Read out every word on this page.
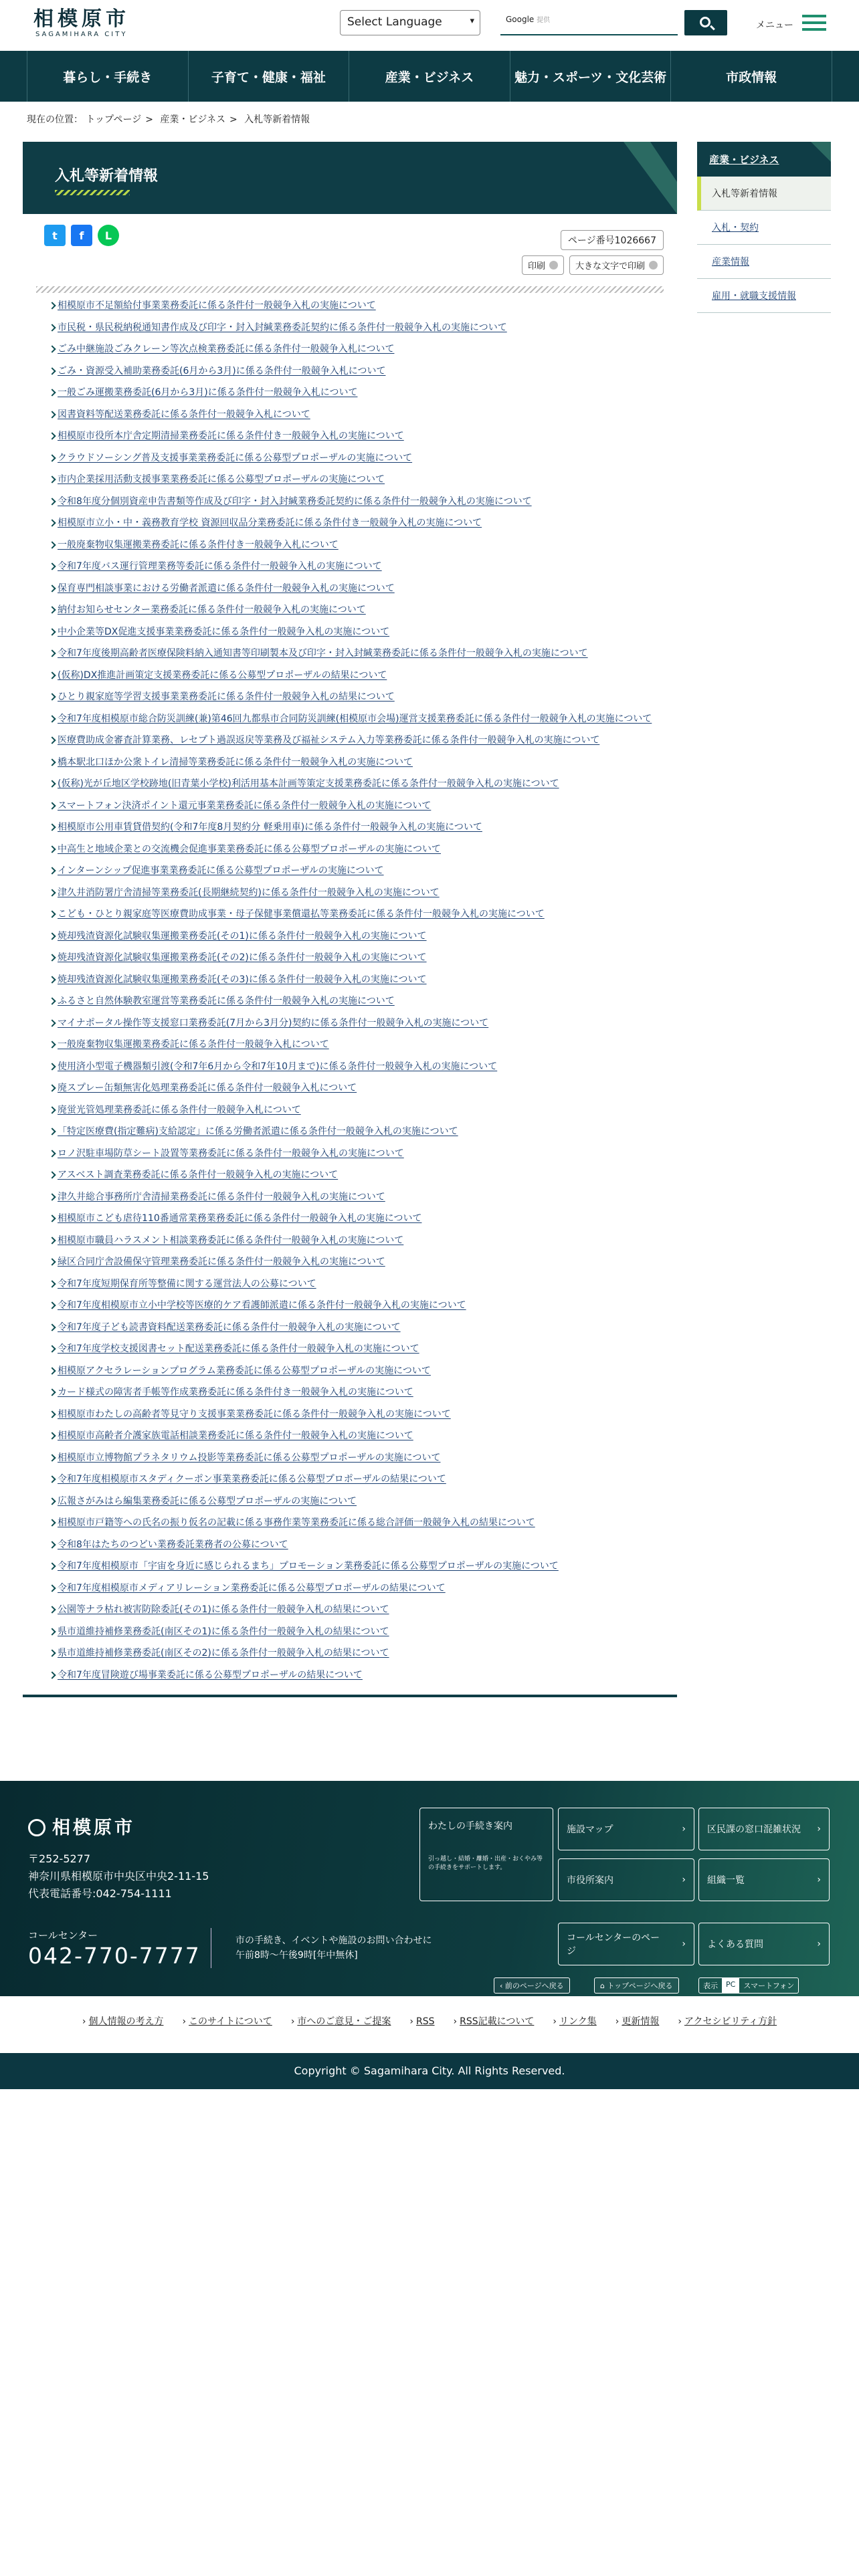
相模原市
SAGAMIHARA CITY
Select Language	▾	Google 提供	メニュー
暮らし・手続き	子育て・健康・福祉	産業・ビジネス	魅力・スポーツ・文化芸術	市政情報
現在の位置： トップページ > 産業・ビジネス > 入札等新着情報
入札等新着情報
t	f	L	ページ番号1026667
印刷	大きな文字で印刷
相模原市不足額給付事業業務委託に係る条件付一般競争入札の実施について
市民税・県民税納税通知書作成及び印字・封入封緘業務委託契約に係る条件付一般競争入札の実施について
ごみ中継施設ごみクレーン等次点検業務委託に係る条件付一般競争入札について
ごみ・資源受入補助業務委託(6月から3月)に係る条件付一般競争入札について
一般ごみ運搬業務委託(6月から3月)に係る条件付一般競争入札について
図書資料等配送業務委託に係る条件付一般競争入札について
相模原市役所本庁舎定期清掃業務委託に係る条件付き一般競争入札の実施について
クラウドソーシング普及支援事業業務委託に係る公募型プロポーザルの実施について
市内企業採用活動支援事業業務委託に係る公募型プロポーザルの実施について
令和8年度分個別資産申告書類等作成及び印字・封入封緘業務委託契約に係る条件付一般競争入札の実施について
相模原市立小・中・義務教育学校 資源回収品分業務委託に係る条件付き一般競争入札の実施について
一般廃棄物収集運搬業務委託に係る条件付き一般競争入札について
令和7年度バス運行管理業務等委託に係る条件付一般競争入札の実施について
保育専門相談事業における労働者派遣に係る条件付一般競争入札の実施について
納付お知らせセンター業務委託に係る条件付一般競争入札の実施について
中小企業等DX促進支援事業業務委託に係る条件付一般競争入札の実施について
令和7年度後期高齢者医療保険料納入通知書等印刷製本及び印字・封入封緘業務委託に係る条件付一般競争入札の実施について
(仮称)DX推進計画策定支援業務委託に係る公募型プロポーザルの結果について
ひとり親家庭等学習支援事業業務委託に係る条件付一般競争入札の結果について
令和7年度相模原市総合防災訓練(兼)第46回九都県市合同防災訓練(相模原市会場)運営支援業務委託に係る条件付一般競争入札の実施について
医療費助成金審査計算業務、レセプト過誤返戻等業務及び福祉システム入力等業務委託に係る条件付一般競争入札の実施について
橋本駅北口ほか公衆トイレ清掃等業務委託に係る条件付一般競争入札の実施について
(仮称)光が丘地区学校跡地(旧青葉小学校)利活用基本計画等策定支援業務委託に係る条件付一般競争入札の実施について
スマートフォン決済ポイント還元事業業務委託に係る条件付一般競争入札の実施について
相模原市公用車賃貸借契約(令和7年度8月契約分 軽乗用車)に係る条件付一般競争入札の実施について
中高生と地域企業との交流機会促進事業業務委託に係る公募型プロポーザルの実施について
インターンシップ促進事業業務委託に係る公募型プロポーザルの実施について
津久井消防署庁舎清掃等業務委託(長期継続契約)に係る条件付一般競争入札の実施について
こども・ひとり親家庭等医療費助成事業・母子保健事業償還払等業務委託に係る条件付一般競争入札の実施について
焼却残渣資源化試験収集運搬業務委託(その1)に係る条件付一般競争入札の実施について
焼却残渣資源化試験収集運搬業務委託(その2)に係る条件付一般競争入札の実施について
焼却残渣資源化試験収集運搬業務委託(その3)に係る条件付一般競争入札の実施について
ふるさと自然体験教室運営等業務委託に係る条件付一般競争入札の実施について
マイナポータル操作等支援窓口業務委託(7月から3月分)契約に係る条件付一般競争入札の実施について
一般廃棄物収集運搬業務委託に係る条件付一般競争入札について
使用済小型電子機器類引渡(令和7年6月から令和7年10月まで)に係る条件付一般競争入札の実施について
廃スプレー缶類無害化処理業務委託に係る条件付一般競争入札について
廃蛍光管処理業務委託に係る条件付一般競争入札について
「特定医療費(指定難病)支給認定」に係る労働者派遣に係る条件付一般競争入札の実施について
ロノ沢駐車場防草シート設置等業務委託に係る条件付一般競争入札の実施について
アスベスト調査業務委託に係る条件付一般競争入札の実施について
津久井総合事務所庁舎清掃業務委託に係る条件付一般競争入札の実施について
相模原市こども虐待110番通常業務業務委託に係る条件付一般競争入札の実施について
相模原市職員ハラスメント相談業務委託に係る条件付一般競争入札の実施について
緑区合同庁舎設備保守管理業務委託に係る条件付一般競争入札の実施について
令和7年度短期保育所等整備に関する運営法人の公募について
令和7年度相模原市立小中学校等医療的ケア看護師派遣に係る条件付一般競争入札の実施について
令和7年度子ども読書資料配送業務委託に係る条件付一般競争入札の実施について
令和7年度学校支援図書セット配送業務委託に係る条件付一般競争入札の実施について
相模原アクセラレーションプログラム業務委託に係る公募型プロポーザルの実施について
カード様式の障害者手帳等作成業務委託に係る条件付き一般競争入札の実施について
相模原市わたしの高齢者等見守り支援事業業務委託に係る条件付一般競争入札の実施について
相模原市高齢者介護家族電話相談業務委託に係る条件付一般競争入札の実施について
相模原市立博物館プラネタリウム投影等業務委託に係る公募型プロポーザルの実施について
令和7年度相模原市スタディクーポン事業業務委託に係る公募型プロポーザルの結果について
広報さがみはら編集業務委託に係る公募型プロポーザルの実施について
相模原市戸籍等への氏名の振り仮名の記載に係る事務作業等業務委託に係る総合評価一般競争入札の結果について
令和8年はたちのつどい業務委託業務者の公募について
令和7年度相模原市「宇宙を身近に感じられるまち」プロモーション業務委託に係る公募型プロポーザルの実施について
令和7年度相模原市メディアリレーション業務委託に係る公募型プロポーザルの結果について
公園等ナラ枯れ被害防除委託(その1)に係る条件付一般競争入札の結果について
県市道維持補修業務委託(南区その1)に係る条件付一般競争入札の結果について
県市道維持補修業務委託(南区その2)に係る条件付一般競争入札の結果について
令和7年度冒険遊び場事業委託に係る公募型プロポーザルの結果について
産業・ビジネス
入札等新着情報
入札・契約
産業情報
雇用・就職支援情報
相模原市
〒252-5277
神奈川県相模原市中央区中央2-11-15
代表電話番号:042-754-1111
コールセンター
042-770-7777
市の手続き、イベントや施設のお問い合わせに
午前8時～午後9時[年中無休]
わたしの手続き案内
引っ越し・結婚・離婚・出産・おくやみ等の手続きをサポートします。
施設マップ	› 区民課の窓口混雑状況 ›
市役所案内	› 組織一覧	›
コールセンターのページ
› よくある質問	›
‹ 前のページへ戻る	⌂ トップページへ戻る	表示	PC	スマートフォン
› 個人情報の考え方	› このサイトについて	› 市へのご意見・ご提案	› RSS	› RSS記載について	› リンク集	› 更新情報	› アクセシビリティ方針
Copyright © Sagamihara City. All Rights Reserved.
